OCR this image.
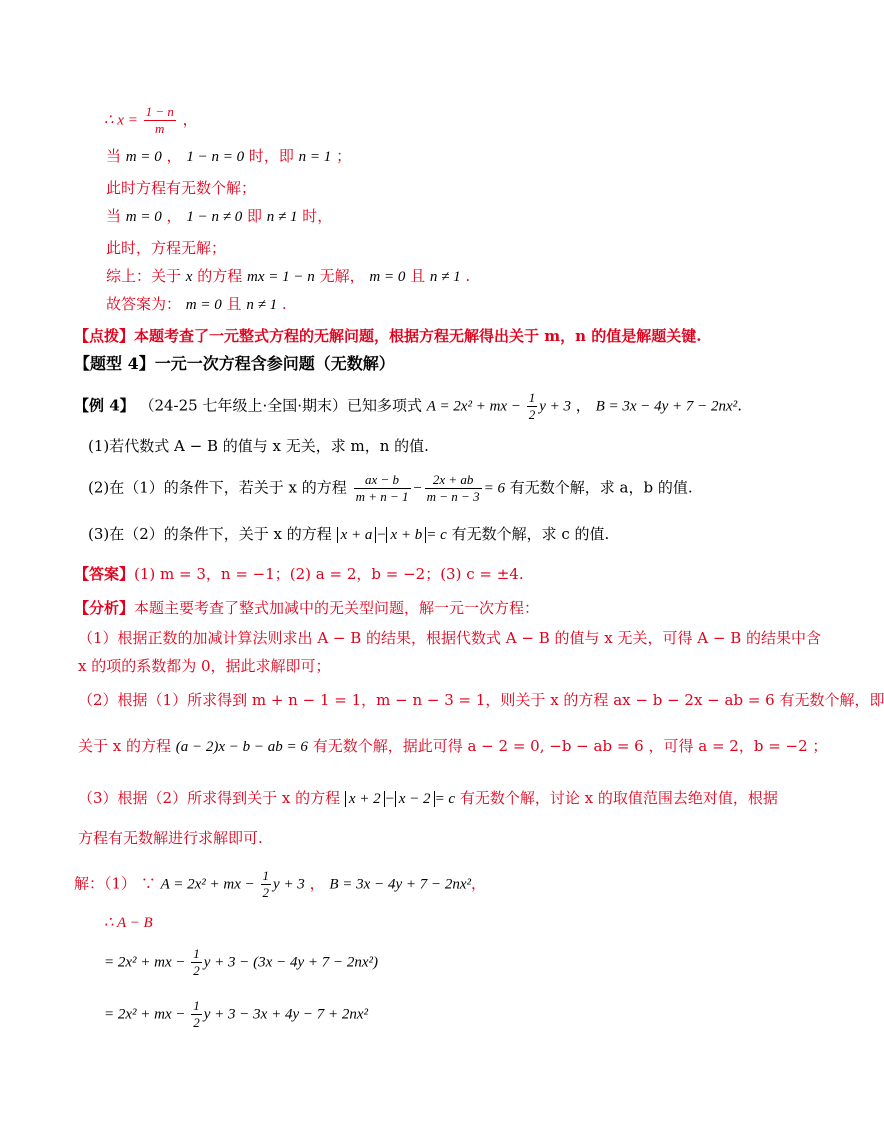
∴ $x = \frac{1 - n}{m}$ ，
当 m = 0 ， 1 − n = 0 时，即 n = 1 ；
此时方程有无数个解；
当 m = 0 ， 1 − n ≠ 0 即 n ≠ 1 时，
此时，方程无解；
综上：关于 x 的方程 mx = 1 − n 无解， m = 0 且 n ≠ 1 .
故答案为： m = 0 且 n ≠ 1 .
【点拨】本题考查了一元整式方程的无解问题，根据方程无解得出关于 m，n 的值是解题关键.
【题型 4】一元一次方程含参问题（无数解）
【例 4】 （24-25 七年级上·全国·期末）已知多项式 A = 2x² + mx − $\frac{1}{2}$ y + 3 ， B = 3x − 4y + 7 − 2nx².
(1)若代数式 A − B 的值与 x 无关，求 m，n 的值.
(2)在（1）的条件下，若关于 x 的方程 $\frac{ax - b}{m + n - 1} - \frac{2x + ab}{m - n - 3} = 6$ 有无数个解，求 a，b 的值.
(3)在（2）的条件下，关于 x 的方程 x + a − x + b = c 有无数个解，求 c 的值.
【答案】(1) m = 3，n = −1；(2) a = 2，b = −2；(3) c = ±4.
【分析】本题主要考查了整式加减中的无关型问题，解一元一次方程：
（1）根据正数的加减计算法则求出 A − B 的结果，根据代数式 A − B 的值与 x 无关，可得 A − B 的结果中含
x 的项的系数都为 0，据此求解即可；
（2）根据（1）所求得到 m + n − 1 = 1，m − n − 3 = 1，则关于 x 的方程 ax − b − 2x − ab = 6 有无数个解，即
关于 x 的方程 (a − 2)x − b − ab = 6 有无数个解，据此可得 a − 2 = 0, −b − ab = 6 ，可得 a = 2，b = −2 ；
（3）根据（2）所求得到关于 x 的方程 x + 2 − x − 2 = c 有无数个解，讨论 x 的取值范围去绝对值，根据
方程有无数解进行求解即可.
解：（1） ∵ A = 2x² + mx − $\frac{1}{2}$ y + 3 ， B = 3x − 4y + 7 − 2nx²，
∴ A − B
= 2x² + mx − $\frac{1}{2}$ y + 3 − (3x − 4y + 7 − 2nx²)
= 2x² + mx − $\frac{1}{2}$ y + 3 − 3x + 4y − 7 + 2nx²
